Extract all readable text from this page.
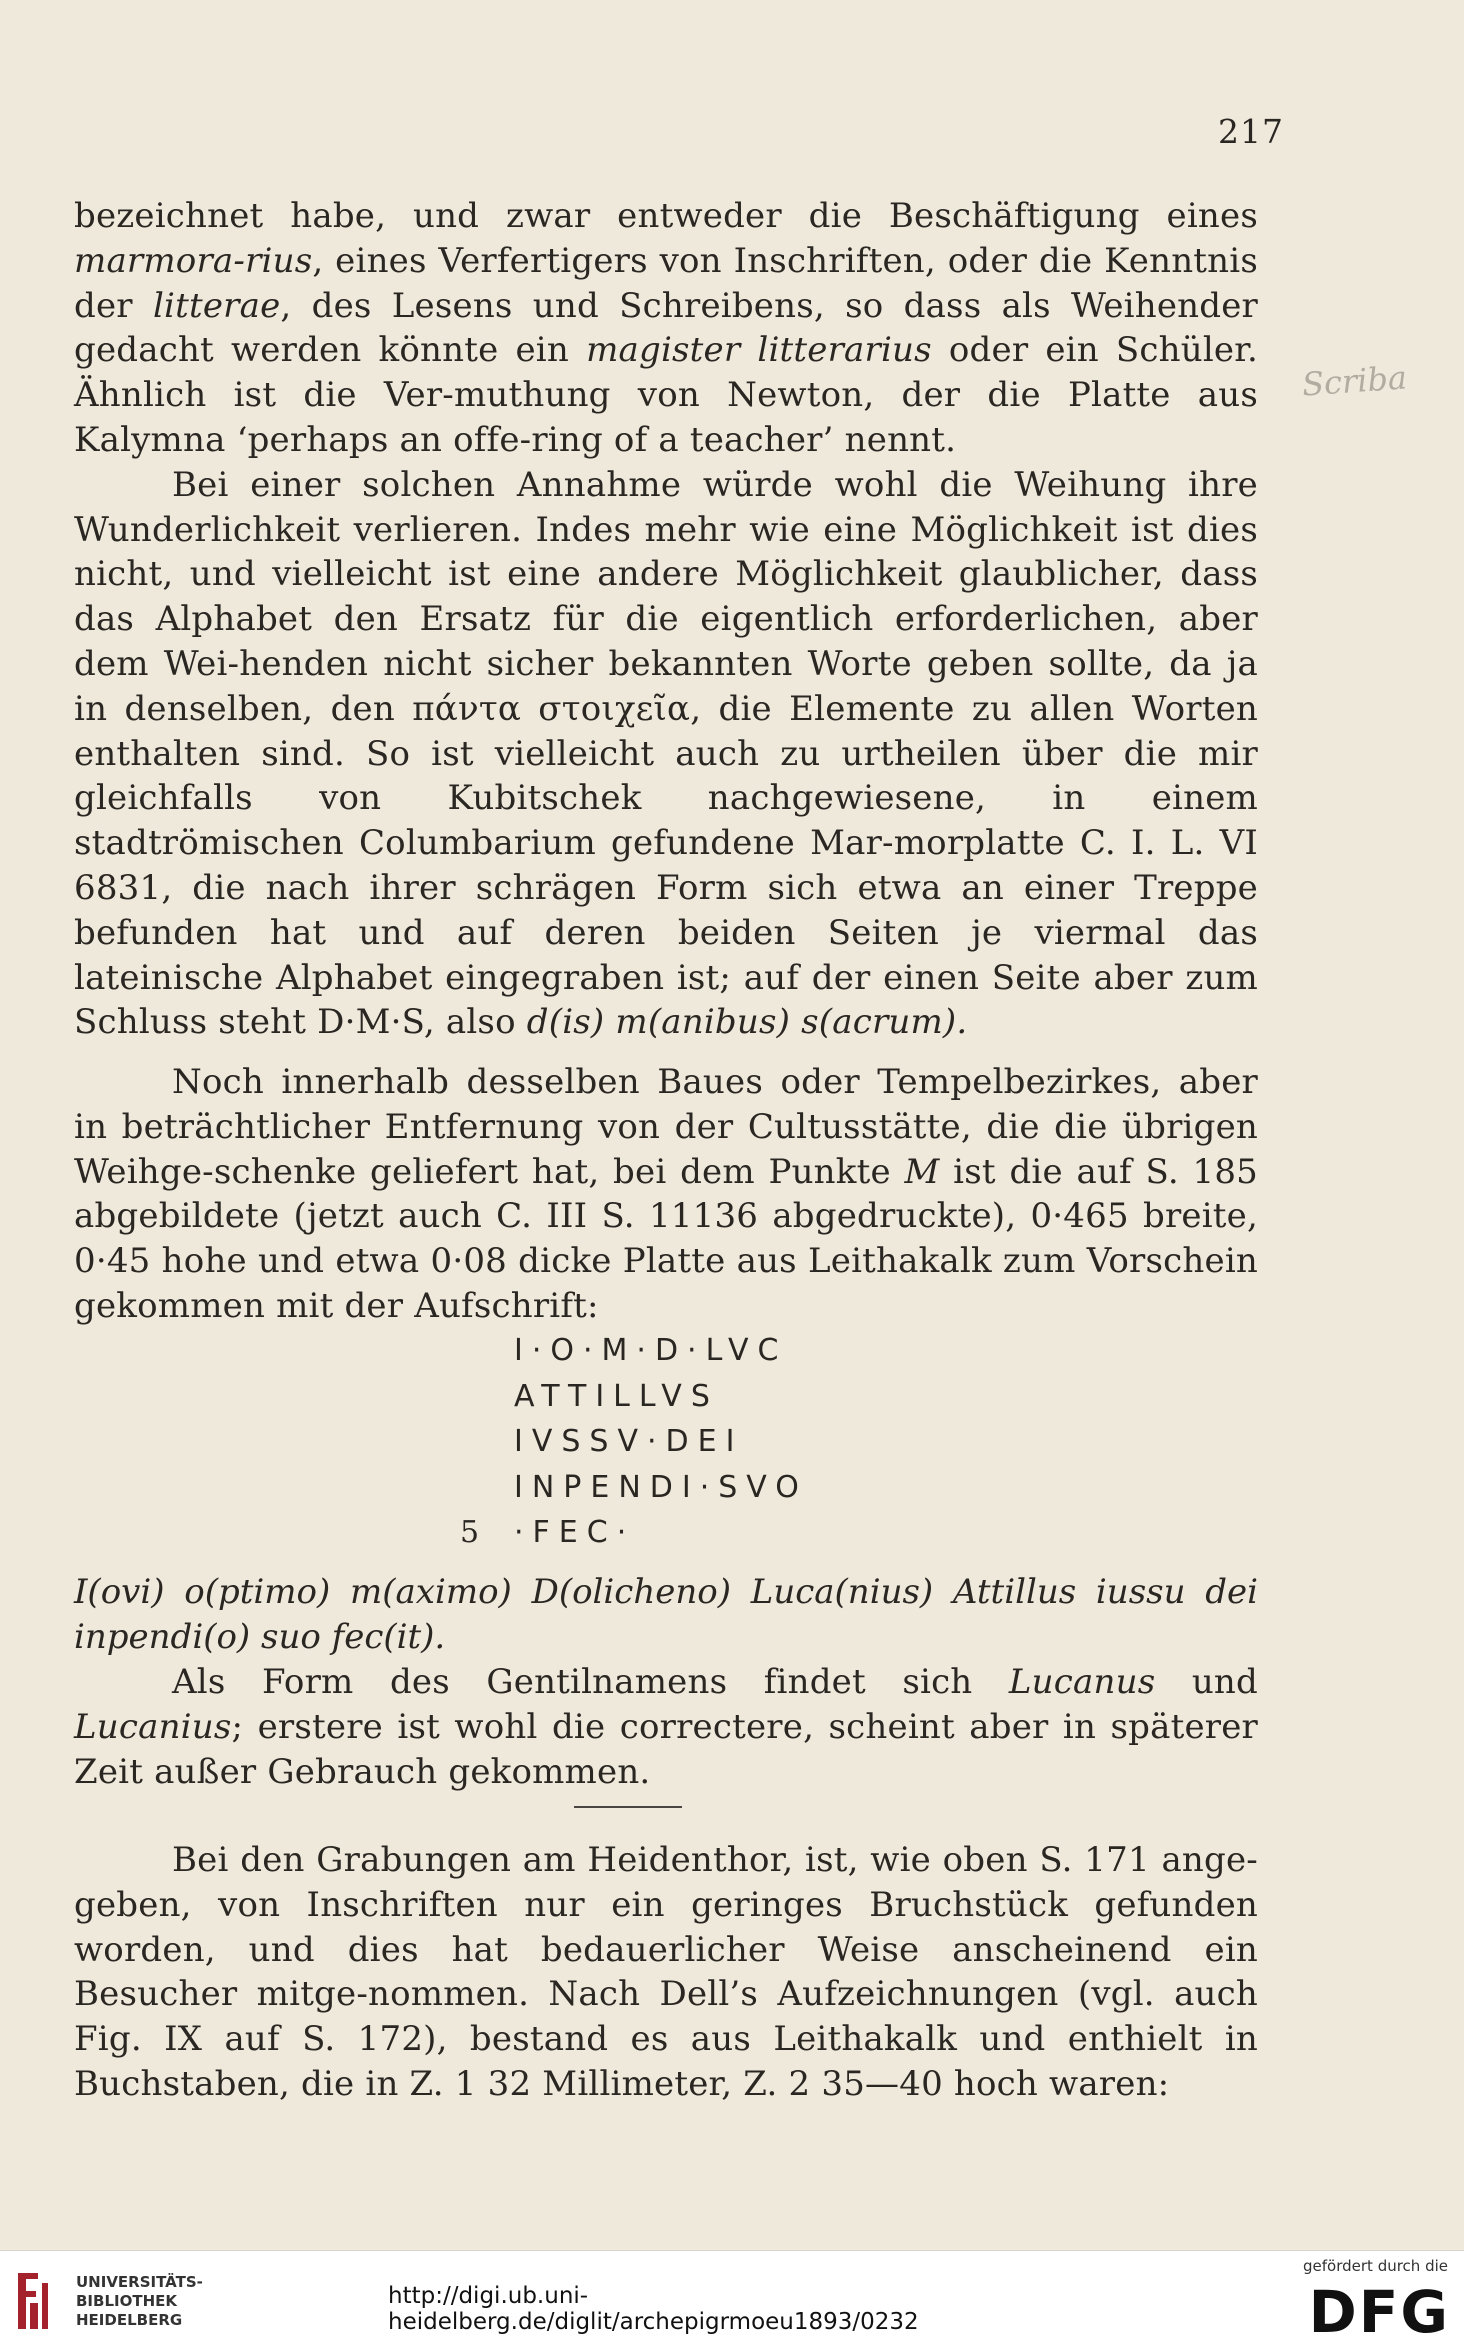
217
Scriba

bezeichnet habe, und zwar entweder die Beschäftigung eines marmora-rius, eines Verfertigers von Inschriften, oder die Kenntnis der litterae, des Lesens und Schreibens, so dass als Weihender gedacht werden könnte ein magister litterarius oder ein Schüler. Ähnlich ist die Ver-muthung von Newton, der die Platte aus Kalymna ‘perhaps an offe-ring of a teacher’ nennt.

Bei einer solchen Annahme würde wohl die Weihung ihre Wunderlichkeit verlieren. Indes mehr wie eine Möglichkeit ist dies nicht, und vielleicht ist eine andere Möglichkeit glaublicher, dass das Alphabet den Ersatz für die eigentlich erforderlichen, aber dem Wei-henden nicht sicher bekannten Worte geben sollte, da ja in denselben, den πάντα στοιχεῖα, die Elemente zu allen Worten enthalten sind. So ist vielleicht auch zu urtheilen über die mir gleichfalls von Kubitschek nachgewiesene, in einem stadtrömischen Columbarium gefundene Mar-morplatte C. I. L. VI 6831, die nach ihrer schrägen Form sich etwa an einer Treppe befunden hat und auf deren beiden Seiten je viermal das lateinische Alphabet eingegraben ist; auf der einen Seite aber zum Schluss steht D·M·S, also d(is) m(anibus) s(acrum).

Noch innerhalb desselben Baues oder Tempelbezirkes, aber in beträchtlicher Entfernung von der Cultusstätte, die die übrigen Weihge-schenke geliefert hat, bei dem Punkte M ist die auf S. 185 abgebildete (jetzt auch C. III S. 11136 abgedruckte), 0·465 breite, 0·45 hohe und etwa 0·08 dicke Platte aus Leithakalk zum Vorschein gekommen mit der Aufschrift:

I·O·M·D·LVC
ATTILLVS
IVSSV·DEI
INPENDI·SVO
5 ·FEC·
I(ovi) o(ptimo) m(aximo) D(olicheno) Luca(nius) Attillus iussu dei inpendi(o) suo fec(it).

Als Form des Gentilnamens findet sich Lucanus und Lucanius; erstere ist wohl die correctere, scheint aber in späterer Zeit außer Gebrauch gekommen.

Bei den Grabungen am Heidenthor, ist, wie oben S. 171 ange-geben, von Inschriften nur ein geringes Bruchstück gefunden worden, und dies hat bedauerlicher Weise anscheinend ein Besucher mitge-nommen. Nach Dell’s Aufzeichnungen (vgl. auch Fig. IX auf S. 172), bestand es aus Leithakalk und enthielt in Buchstaben, die in Z. 1 32 Millimeter, Z. 2 35—40 hoch waren:

UNIVERSITÄTS-
BIBLIOTHEK
HEIDELBERG
http://digi.ub.uni-heidelberg.de/diglit/archepigrmoeu1893/0232
gefördert durch die
DFG
